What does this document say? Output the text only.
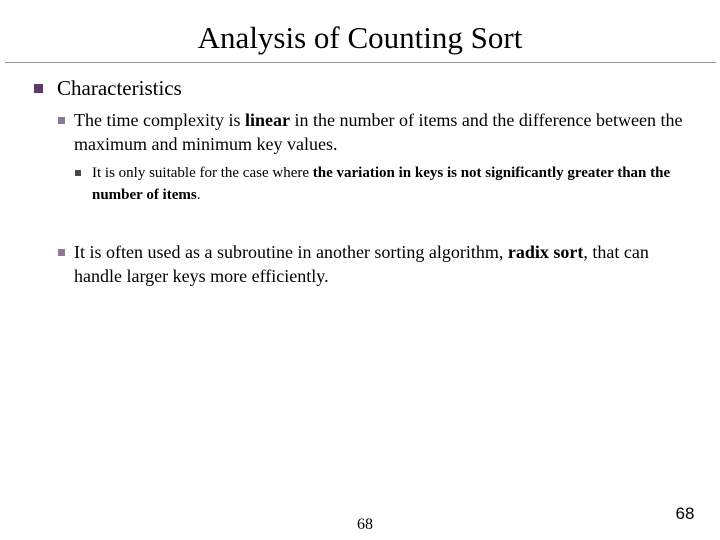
Analysis of Counting Sort
Characteristics
The time complexity is linear in the number of items and the difference between the maximum and minimum key values.
It is only suitable for the case where the variation in keys is not significantly greater than the number of items.
It is often used as a subroutine in another sorting algorithm, radix sort, that can handle larger keys more efficiently.
68
68
